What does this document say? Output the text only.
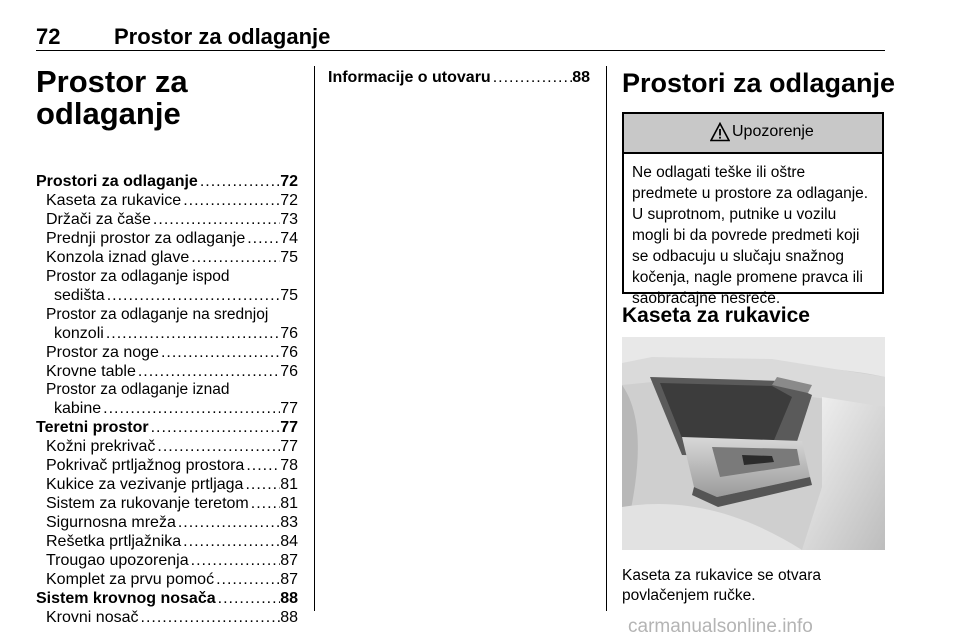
72 Prostor za odlaganje
Prostor za
odlaganje
Prostori za odlaganje .....	72
Kaseta za rukavice .....	72
Držači za čaše .....	73
Prednji prostor za odlaganje ..... 74
Konzola iznad glave .....	75
Prostor za odlaganje ispod
sedišta .....	75
Prostor za odlaganje na srednjoj
konzoli .....	76
Prostor za noge .....	76
Krovne table .....	76
Prostor za odlaganje iznad
kabine .....	77
Teretni prostor .....	77
Kožni prekrivač .....	77
Pokrivač prtljažnog prostora ..... 78
Kukice za vezivanje prtljaga ..... 81
Sistem za rukovanje teretom ..... 81
Sigurnosna mreža .....	83
Rešetka prtljažnika .....	84
Trougao upozorenja .....	87
Komplet za prvu pomoć .....	87
Sistem krovnog nosača .....	88
Krovni nosač .....	88
Informacije o utovaru .....	88 Prostori za odlaganje
Upozorenje
Ne odlagati teške ili oštre
predmete u prostore za odlaganje.
U suprotnom, putnike u vozilu
mogli bi da povrede predmeti koji
se odbacuju u slučaju snažnog
kočenja, nagle promene pravca ili
saobraćajne nesreće.
Kaseta za rukavice
Kaseta za rukavice se otvara
povlačenjem ručke.
carmanualsonline.info
